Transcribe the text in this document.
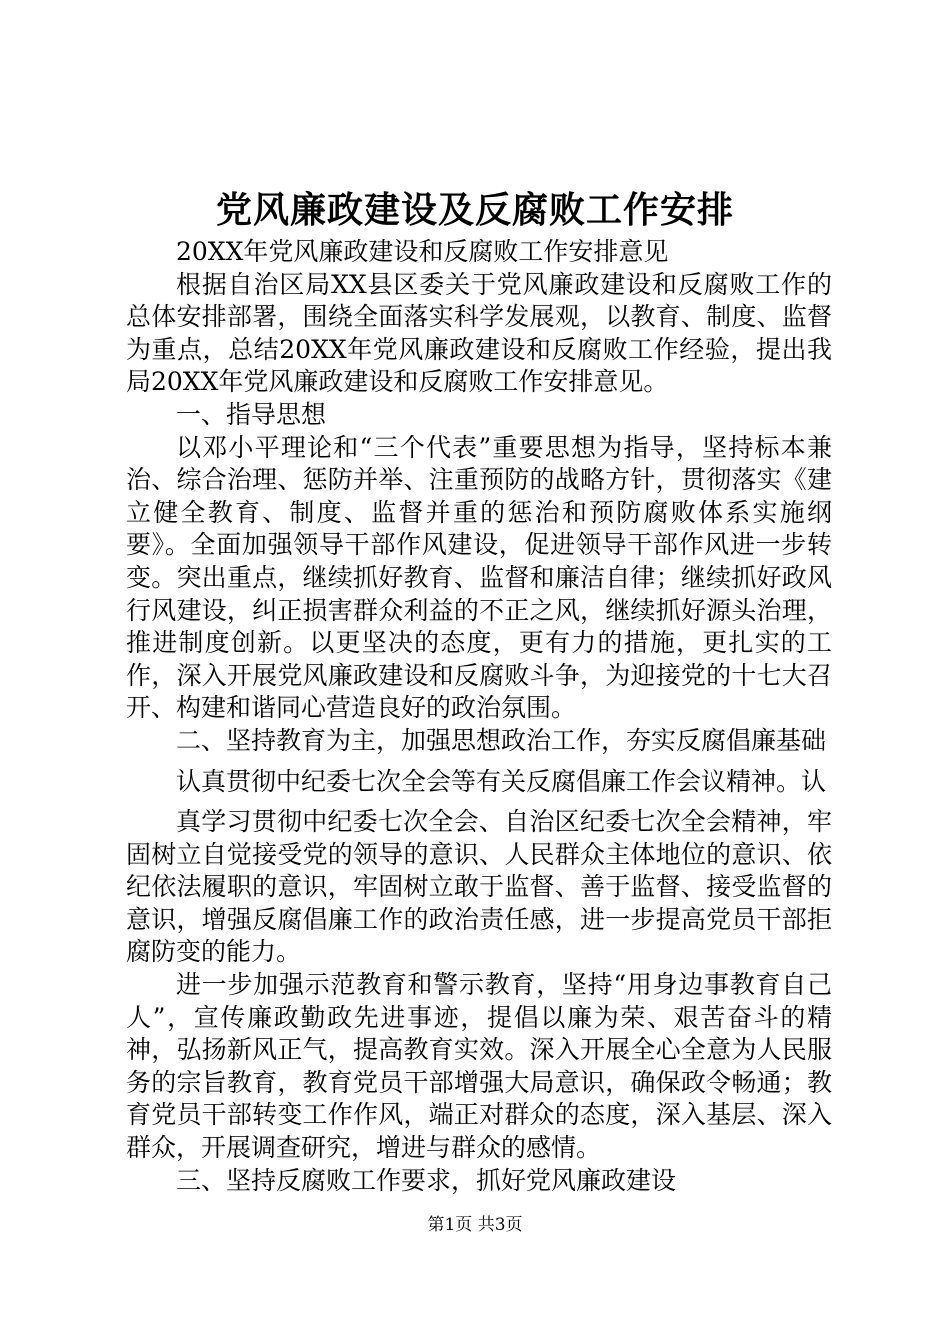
党风廉政建设及反腐败工作安排

20XX年党风廉政建设和反腐败工作安排意见

根据自治区局XX县区委关于党风廉政建设和反腐败工作的总体安排部署，围绕全面落实科学发展观，以教育、制度、监督为重点，总结20XX年党风廉政建设和反腐败工作经验，提出我局20XX年党风廉政建设和反腐败工作安排意见。

一、指导思想

以邓小平理论和“三个代表”重要思想为指导，坚持标本兼治、综合治理、惩防并举、注重预防的战略方针，贯彻落实《建立健全教育、制度、监督并重的惩治和预防腐败体系实施纲要》。全面加强领导干部作风建设，促进领导干部作风进一步转变。突出重点，继续抓好教育、监督和廉洁自律；继续抓好政风行风建设，纠正损害群众利益的不正之风，继续抓好源头治理，推进制度创新。以更坚决的态度，更有力的措施，更扎实的工作，深入开展党风廉政建设和反腐败斗争，为迎接党的十七大召开、构建和谐同心营造良好的政治氛围。

二、坚持教育为主，加强思想政治工作，夯实反腐倡廉基础

认真贯彻中纪委七次全会等有关反腐倡廉工作会议精神。认

真学习贯彻中纪委七次全会、自治区纪委七次全会精神，牢固树立自觉接受党的领导的意识、人民群众主体地位的意识、依纪依法履职的意识，牢固树立敢于监督、善于监督、接受监督的意识，增强反腐倡廉工作的政治责任感，进一步提高党员干部拒腐防变的能力。

进一步加强示范教育和警示教育，坚持“用身边事教育自己人”，宣传廉政勤政先进事迹，提倡以廉为荣、艰苦奋斗的精神，弘扬新风正气，提高教育实效。深入开展全心全意为人民服务的宗旨教育，教育党员干部增强大局意识，确保政令畅通；教育党员干部转变工作作风，端正对群众的态度，深入基层、深入群众，开展调查研究，增进与群众的感情。

三、坚持反腐败工作要求，抓好党风廉政建设

第1页 共3页
